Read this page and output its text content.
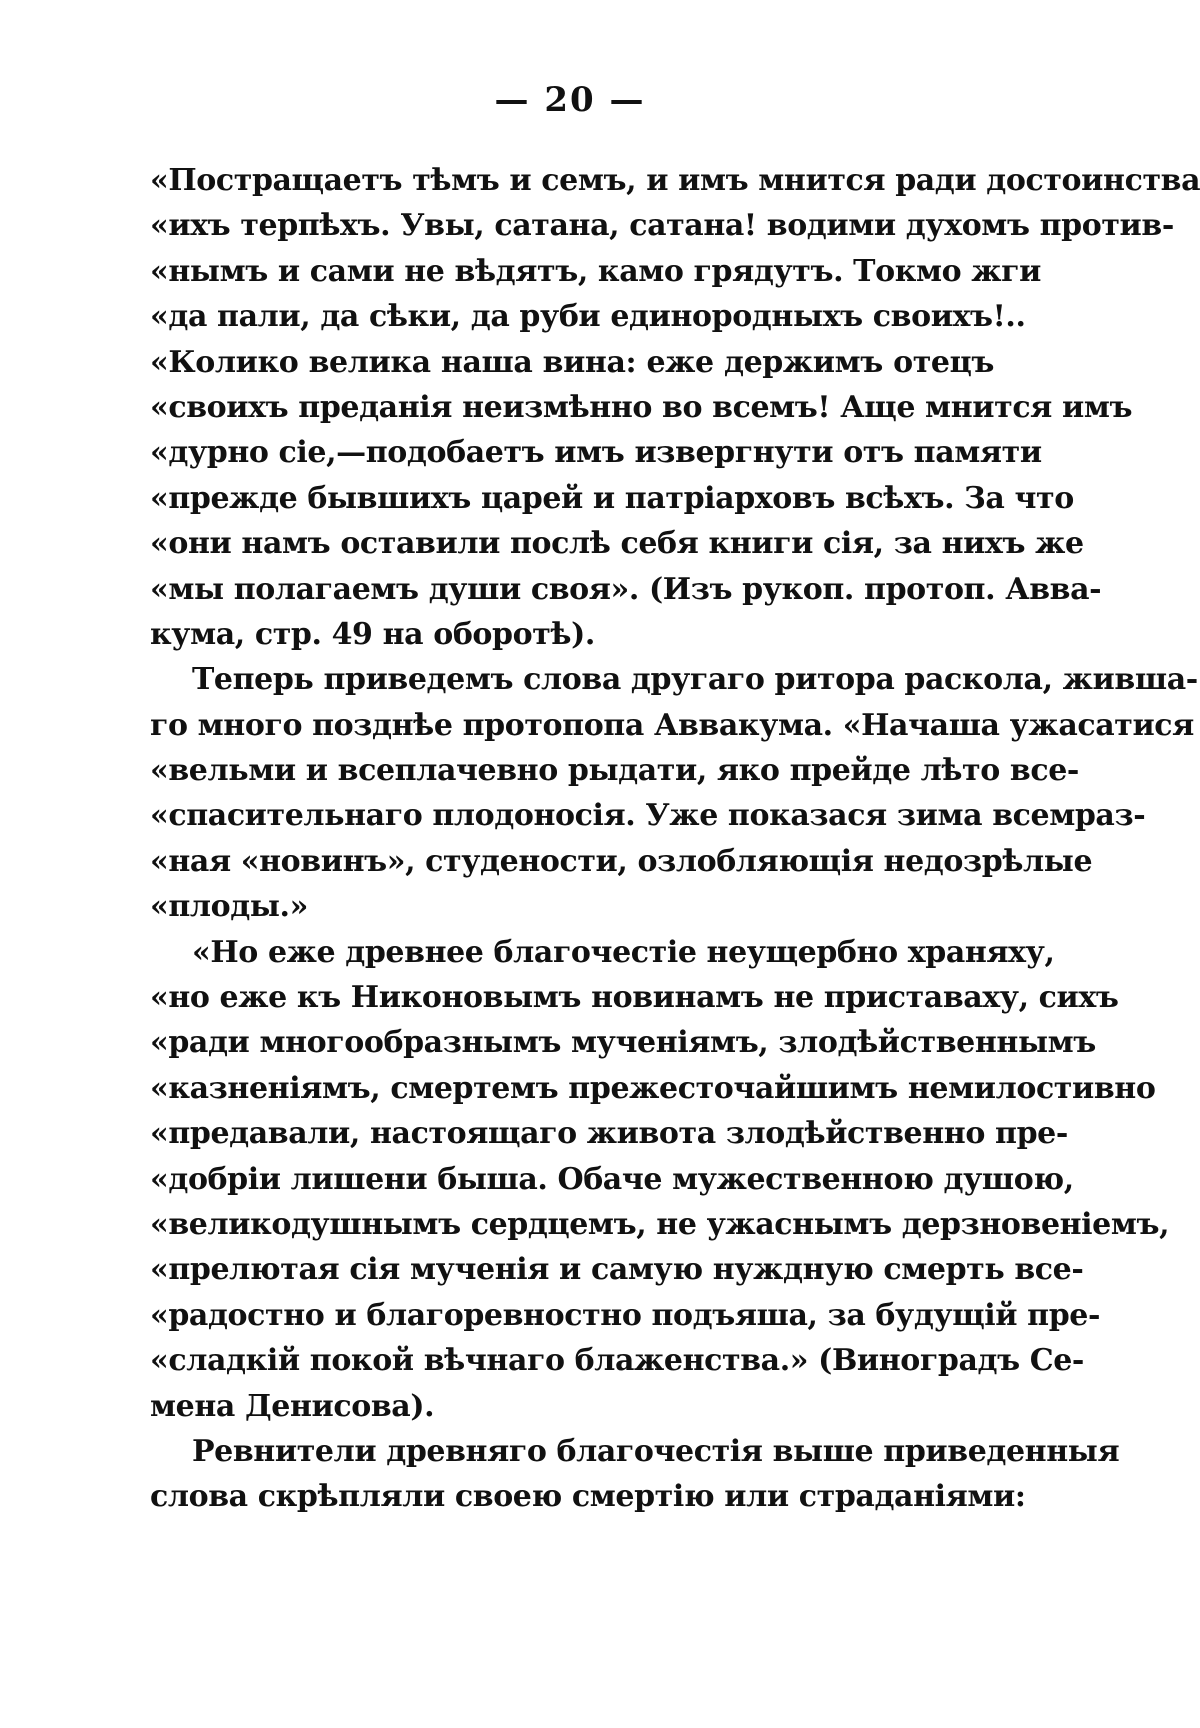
— 20 —
«Постращаетъ тѣмъ и семъ, и имъ мнится ради достоинства
«ихъ терпѣхъ. Увы, сатана, сатана! водими духомъ против-
«нымъ и сами не вѣдятъ, камо грядутъ. Токмо жги
«да пали, да сѣки, да руби единородныхъ своихъ!..
«Колико велика наша вина: еже держимъ отецъ
«своихъ преданія неизмѣнно во всемъ! Аще мнится имъ
«дурно сіе,—подобаетъ имъ извергнути отъ памяти
«прежде бывшихъ царей и патріарховъ всѣхъ. За что
«они намъ оставили послѣ себя книги сія, за нихъ же
«мы полагаемъ души своя». (Изъ рукоп. протоп. Авва-
кума, стр. 49 на оборотѣ).
Теперь приведемъ слова другаго ритора раскола, живша-
го много позднѣе протопопа Аввакума. «Начаша ужасатися
«вельми и всеплачевно рыдати, яко прейде лѣто все-
«спасительнаго плодоносія. Уже показася зима всемраз-
«ная «новинъ», студености, озлобляющія недозрѣлые
«плоды.»
«Но еже древнее благочестіе неущербно храняху,
«но еже къ Никоновымъ новинамъ не приставаху, сихъ
«ради многообразнымъ мученіямъ, злодѣйственнымъ
«казненіямъ, смертемъ прежесточайшимъ немилостивно
«предавали, настоящаго живота злодѣйственно пре-
«добріи лишени быша. Обаче мужественною душою,
«великодушнымъ сердцемъ, не ужаснымъ дерзновеніемъ,
«прелютая сія мученія и самую нуждную смерть все-
«радостно и благоревностно подъяша, за будущій пре-
«сладкій покой вѣчнаго блаженства.» (Виноградъ Се-
мена Денисова).
Ревнители древняго благочестія выше приведенныя
слова скрѣпляли своею смертію или страданіями:
